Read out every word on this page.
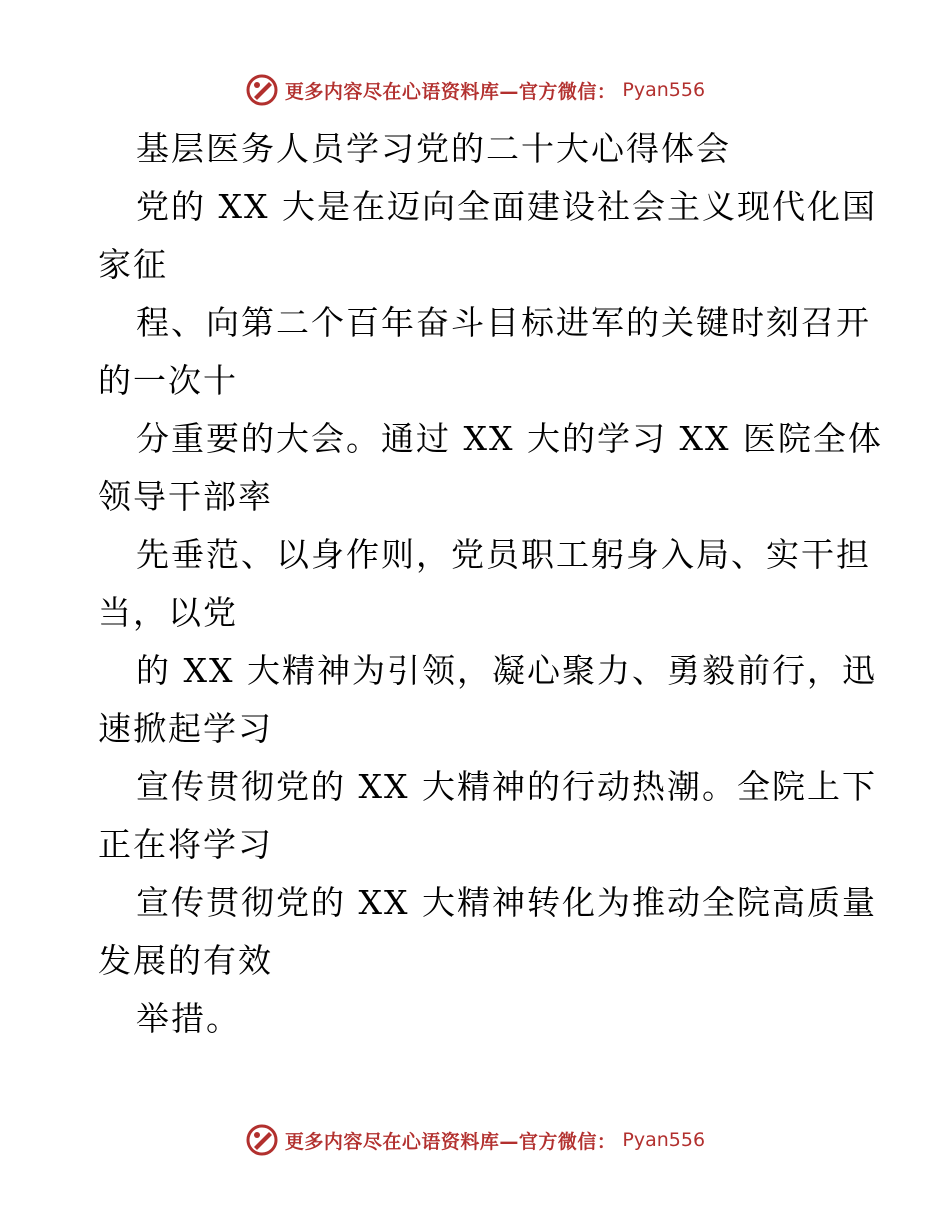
更多内容尽在心语资料库—官方微信： Pyan556
基层医务人员学习党的二十大心得体会
党的 XX 大是在迈向全面建设社会主义现代化国
家征
程、向第二个百年奋斗目标进军的关键时刻召开
的一次十
分重要的大会。通过 XX 大的学习 XX 医院全体
领导干部率
先垂范、以身作则，党员职工躬身入局、实干担
当，以党
的 XX 大精神为引领，凝心聚力、勇毅前行，迅
速掀起学习
宣传贯彻党的 XX 大精神的行动热潮。全院上下
正在将学习
宣传贯彻党的 XX 大精神转化为推动全院高质量
发展的有效
举措。
更多内容尽在心语资料库—官方微信： Pyan556
